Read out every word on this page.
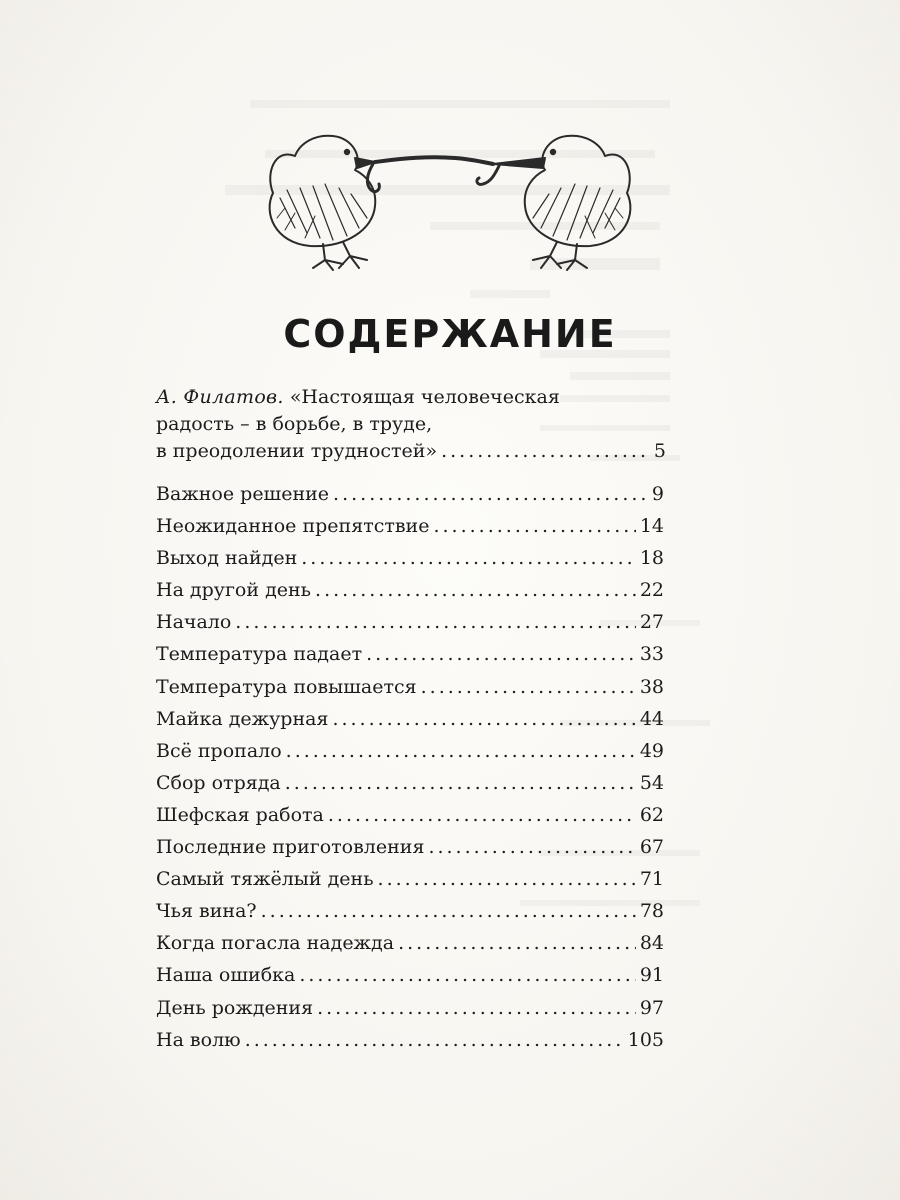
СОДЕРЖАНИЕ
А. Филатов. «Настоящая человеческая
радость – в борьбе, в труде,
в преодолении трудностей» .....	5
Важное решение .....	9
Неожиданное препятствие .....	14
Выход найден .....	18
На другой день .....	22
Начало .....	27
Температура падает .....	33
Температура повышается .....	38
Майка дежурная .....	44
Всё пропало .....	49
Сбор отряда .....	54
Шефская работа .....	62
Последние приготовления .....	67
Самый тяжёлый день .....	71
Чья вина? .....	78
Когда погасла надежда .....	84
Наша ошибка .....	91
День рождения .....	97
На волю .....	105
